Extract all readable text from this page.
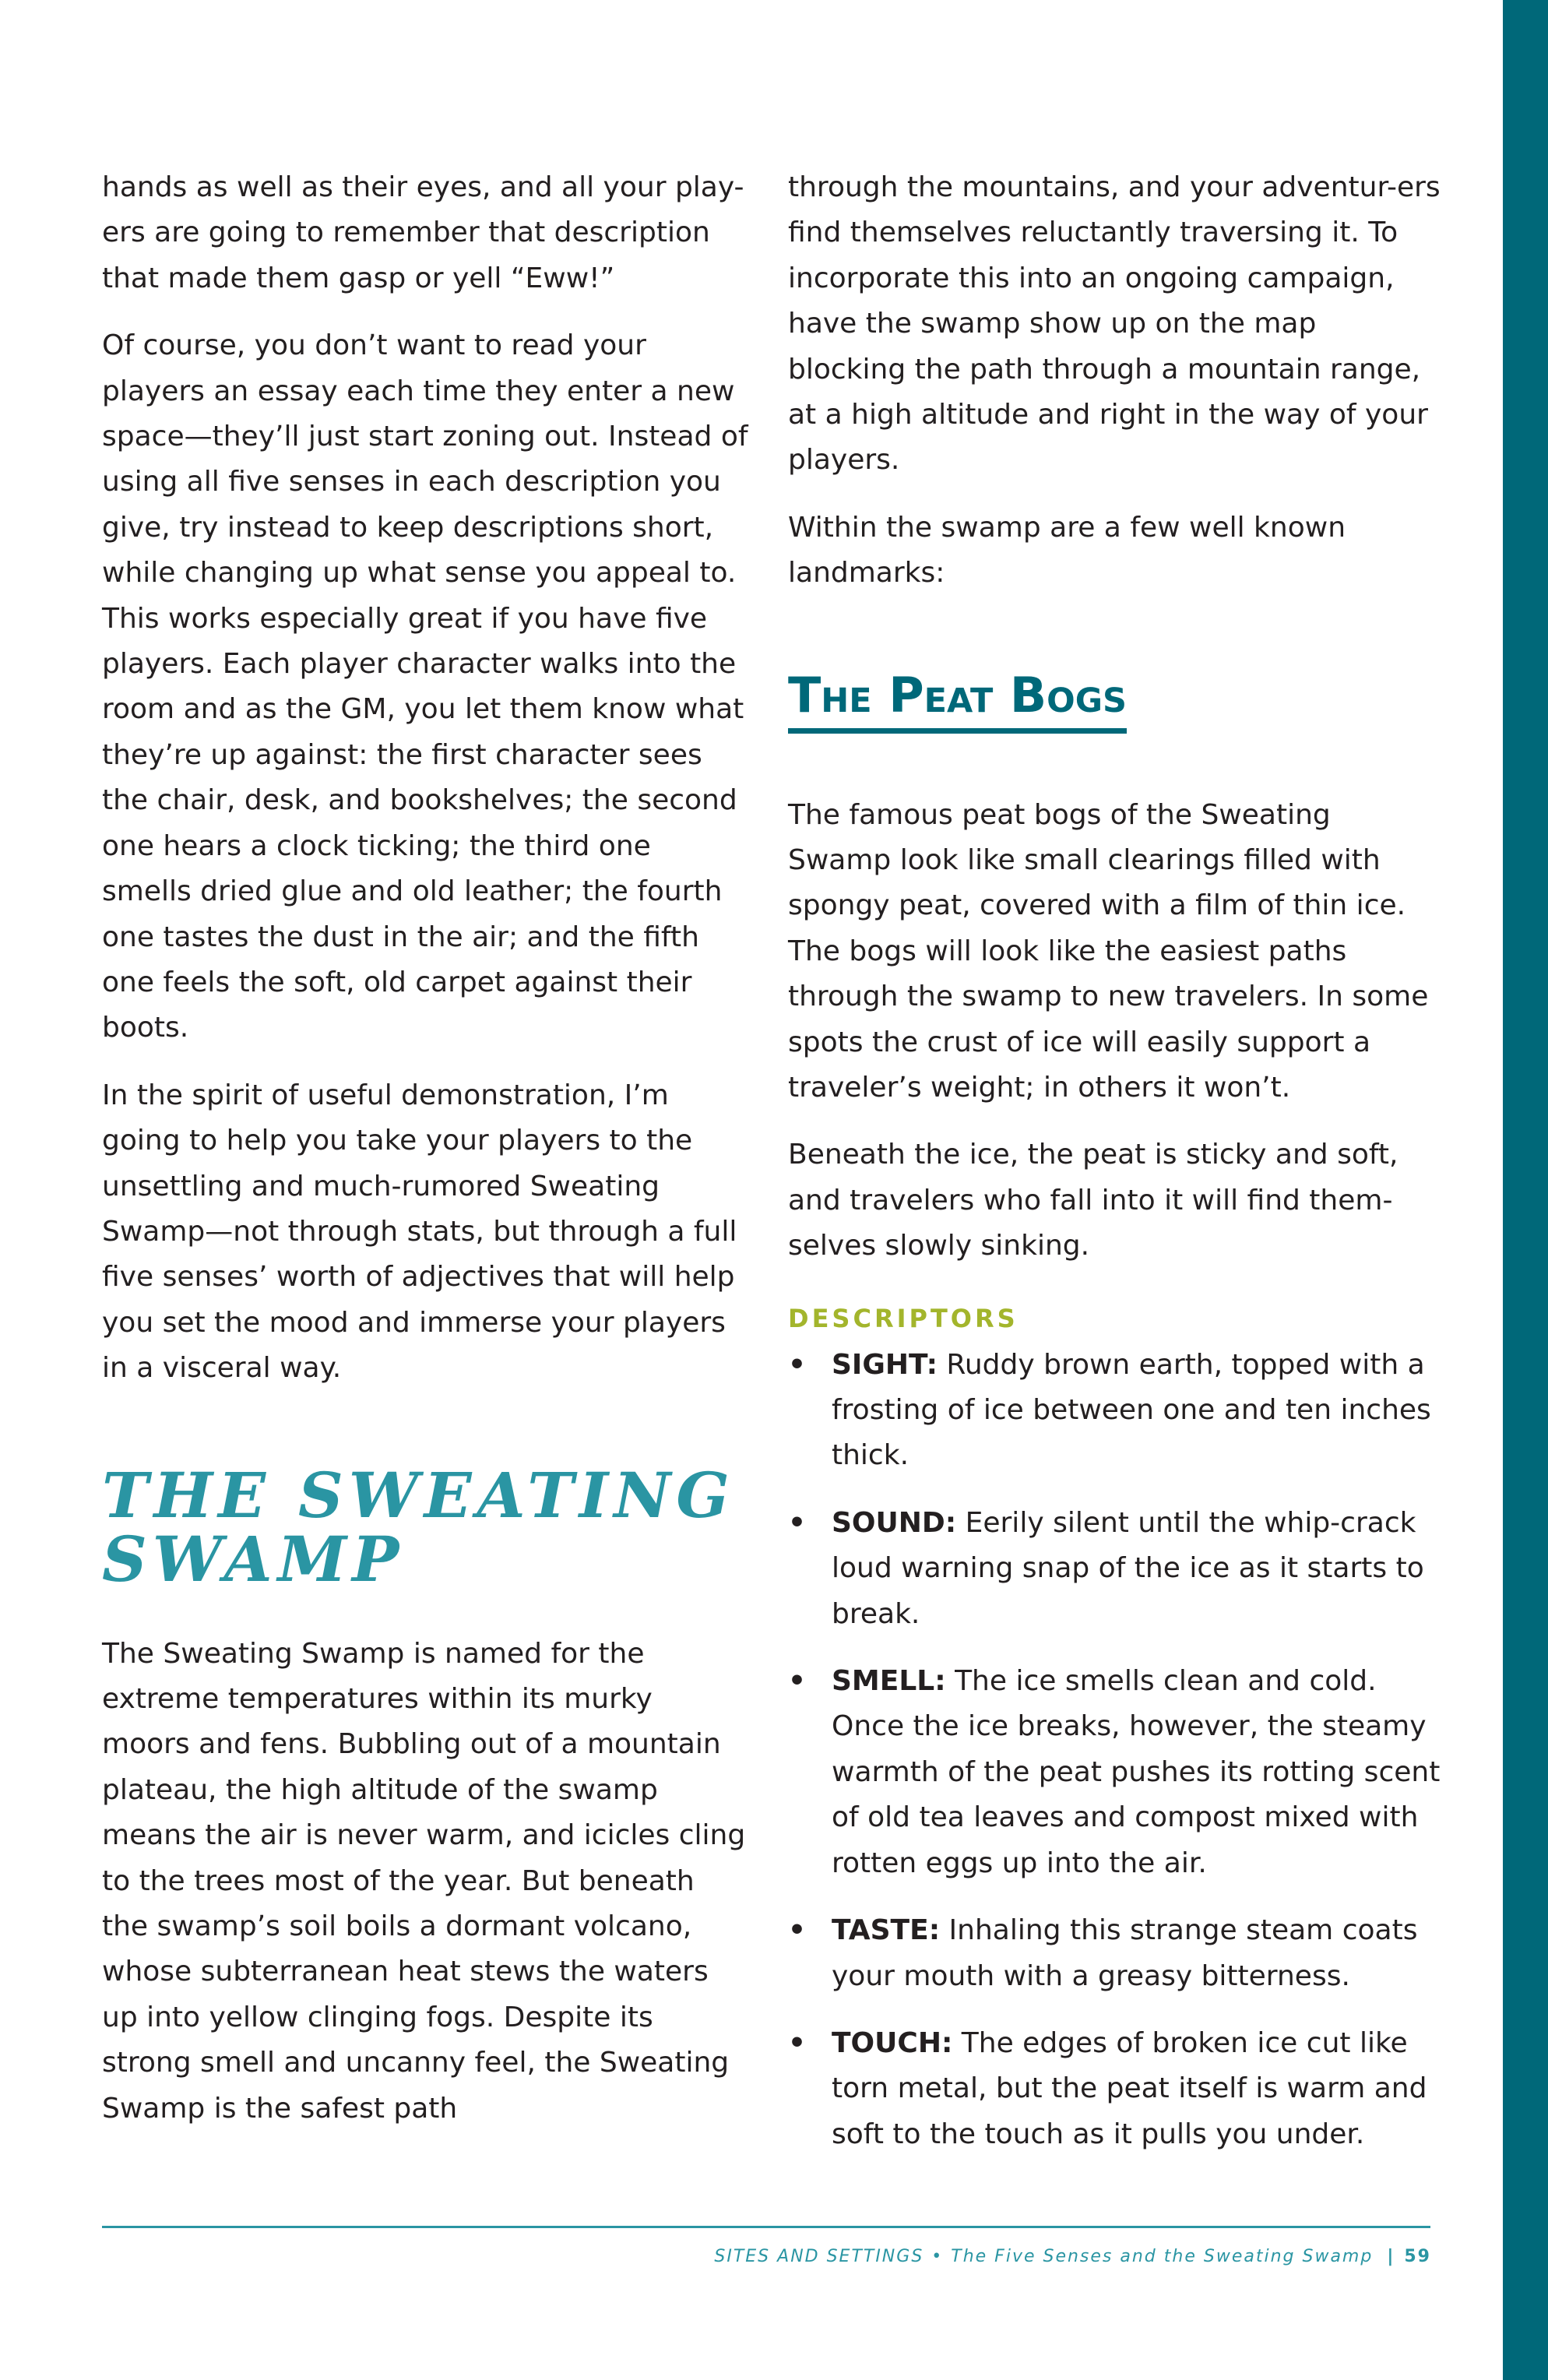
hands as well as their eyes, and all your play-ers are going to remember that description that made them gasp or yell “Eww!”

Of course, you don’t want to read your players an essay each time they enter a new space—they’ll just start zoning out. Instead of using all five senses in each description you give, try instead to keep descriptions short, while changing up what sense you appeal to. This works especially great if you have five players. Each player character walks into the room and as the GM, you let them know what they’re up against: the first character sees the chair, desk, and bookshelves; the second one hears a clock ticking; the third one smells dried glue and old leather; the fourth one tastes the dust in the air; and the fifth one feels the soft, old carpet against their boots.

In the spirit of useful demonstration, I’m going to help you take your players to the unsettling and much-rumored Sweating Swamp—not through stats, but through a full five senses’ worth of adjectives that will help you set the mood and immerse your players in a visceral way.

THE SWEATING SWAMP

The Sweating Swamp is named for the extreme temperatures within its murky moors and fens. Bubbling out of a mountain plateau, the high altitude of the swamp means the air is never warm, and icicles cling to the trees most of the year. But beneath the swamp’s soil boils a dormant volcano, whose subterranean heat stews the waters up into yellow clinging fogs. Despite its strong smell and uncanny feel, the Sweating Swamp is the safest path

through the mountains, and your adventur-ers find themselves reluctantly traversing it. To incorporate this into an ongoing campaign, have the swamp show up on the map blocking the path through a mountain range, at a high altitude and right in the way of your players.

Within the swamp are a few well known landmarks:

The Peat Bogs

The famous peat bogs of the Sweating Swamp look like small clearings filled with spongy peat, covered with a film of thin ice. The bogs will look like the easiest paths through the swamp to new travelers. In some spots the crust of ice will easily support a traveler’s weight; in others it won’t.

Beneath the ice, the peat is sticky and soft, and travelers who fall into it will find them-selves slowly sinking.

DESCRIPTORS
• SIGHT: Ruddy brown earth, topped with a frosting of ice between one and ten inches thick.
• SOUND: Eerily silent until the whip-crack loud warning snap of the ice as it starts to break.
• SMELL: The ice smells clean and cold. Once the ice breaks, however, the steamy warmth of the peat pushes its rotting scent of old tea leaves and compost mixed with rotten eggs up into the air.
• TASTE: Inhaling this strange steam coats your mouth with a greasy bitterness.
• TOUCH: The edges of broken ice cut like torn metal, but the peat itself is warm and soft to the touch as it pulls you under.
SITES AND SETTINGS • The Five Senses and the Sweating Swamp | 59
